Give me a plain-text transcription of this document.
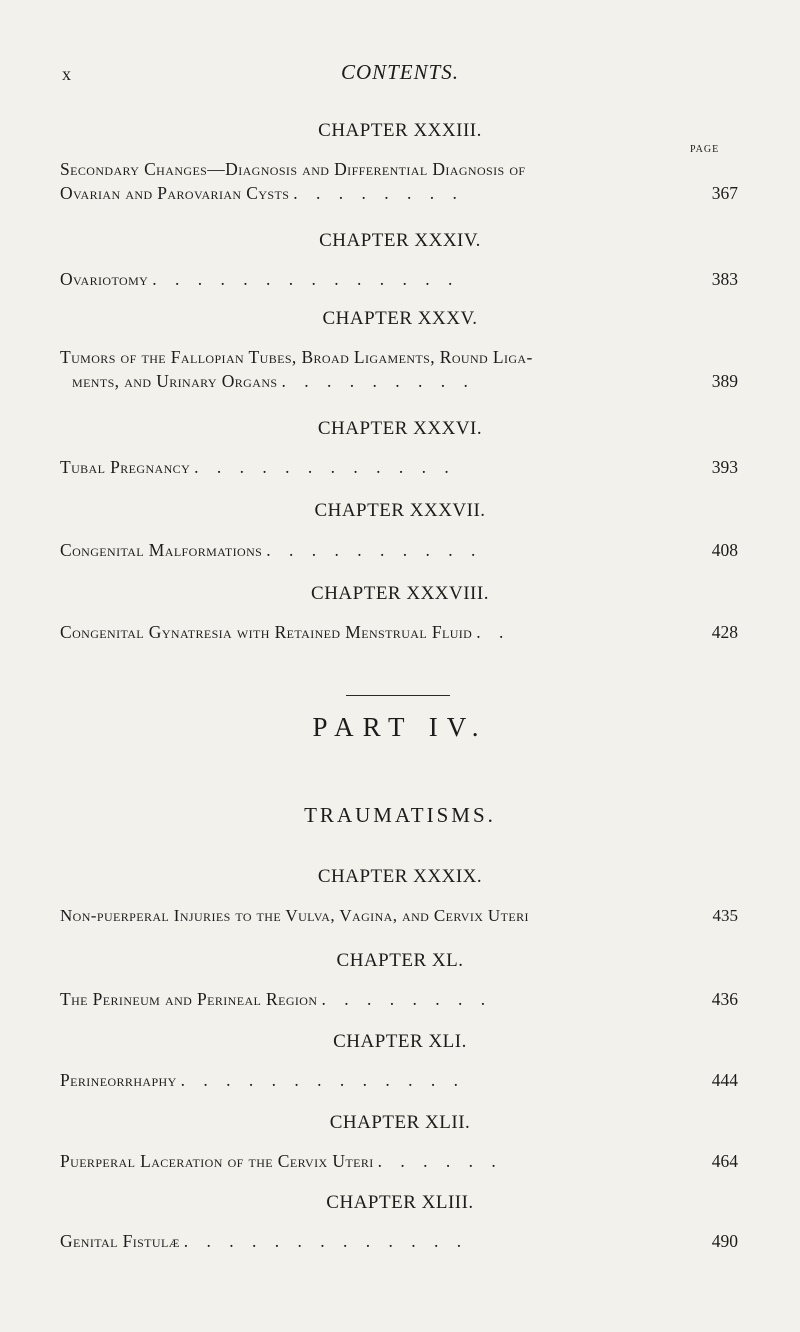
x	CONTENTS.
CHAPTER XXXIII.
PAGE
Secondary Changes—Diagnosis and Differential Diagnosis of
Ovarian and Parovarian Cysts . . . . . . . .	367
CHAPTER XXXIV.
Ovariotomy . . . . . . . . . . . . . .	383
CHAPTER XXXV.
Tumors of the Fallopian Tubes, Broad Ligaments, Round Liga-
ments, and Urinary Organs . . . . . . . . .	389
CHAPTER XXXVI.
Tubal Pregnancy . . . . . . . . . . . .	393
CHAPTER XXXVII.
Congenital Malformations . . . . . . . . . .	408
CHAPTER XXXVIII.
Congenital Gynatresia with Retained Menstrual Fluid . .	428
PART IV.
TRAUMATISMS.
CHAPTER XXXIX.
Non-puerperal Injuries to the Vulva, Vagina, and Cervix Uteri	435
CHAPTER XL.
The Perineum and Perineal Region . . . . . . . .	436
CHAPTER XLI.
Perineorrhaphy . . . . . . . . . . . . .	444
CHAPTER XLII.
Puerperal Laceration of the Cervix Uteri . . . . . .	464
CHAPTER XLIII.
Genital Fistulæ . . . . . . . . . . . . .	490
